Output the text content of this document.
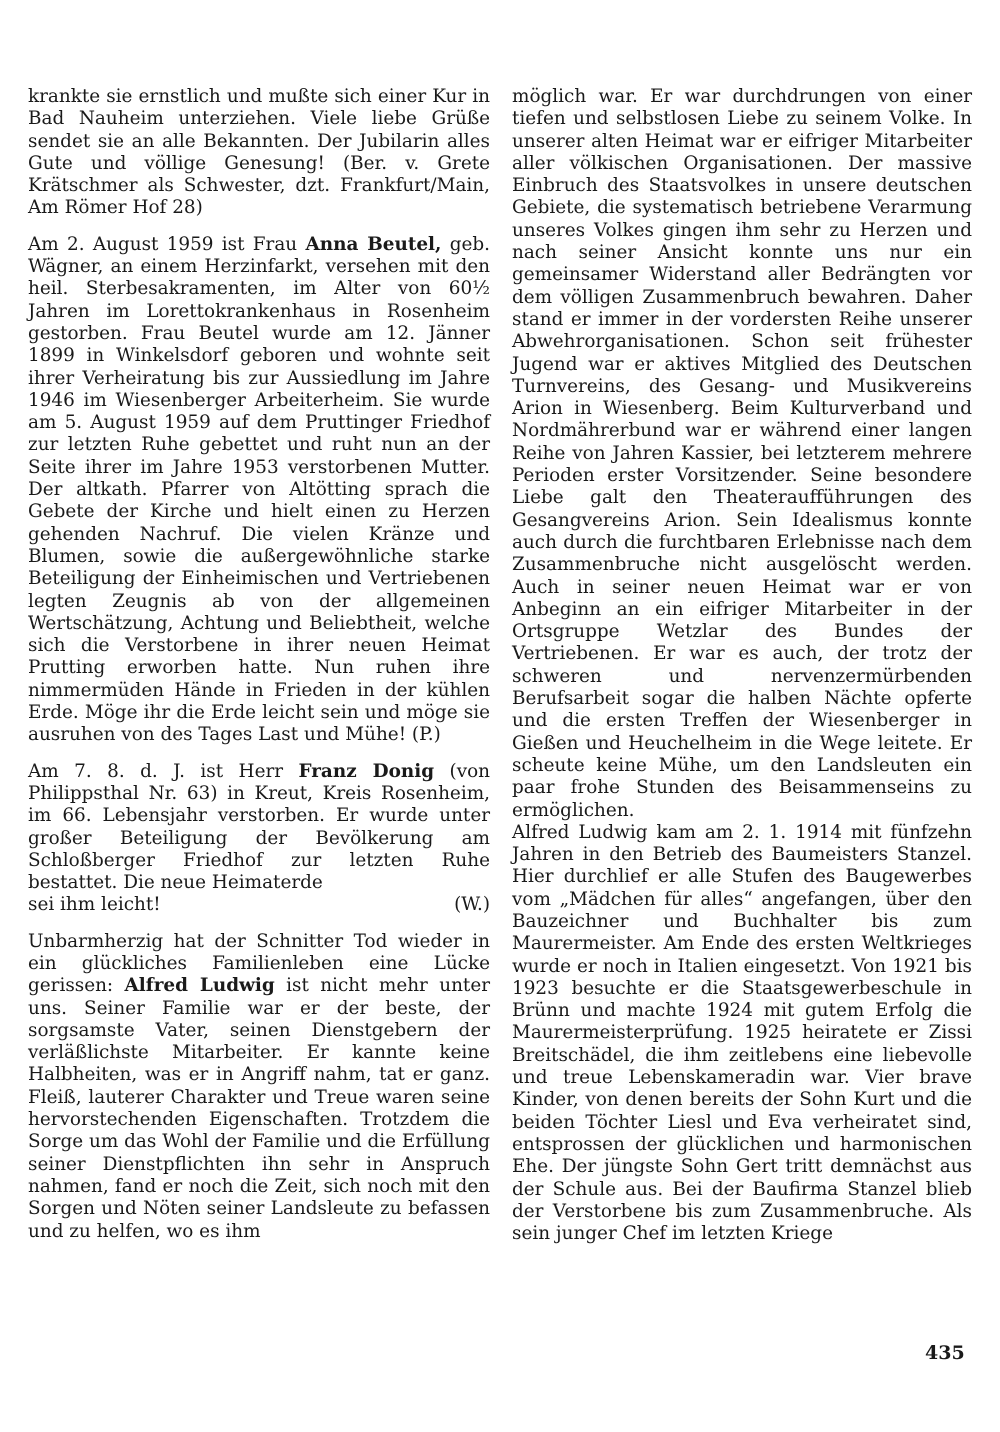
krankte sie ernstlich und mußte sich einer Kur in Bad Nauheim unterziehen. Viele liebe Grüße sendet sie an alle Bekannten. Der Jubilarin alles Gute und völlige Genesung! (Ber. v. Grete Krätschmer als Schwester, dzt. Frankfurt/Main, Am Römer Hof 28)

Am 2. August 1959 ist Frau Anna Beutel, geb. Wägner, an einem Herzinfarkt, versehen mit den heil. Sterbesakramenten, im Alter von 60½ Jahren im Lorettokrankenhaus in Rosenheim gestorben. Frau Beutel wurde am 12. Jänner 1899 in Winkelsdorf geboren und wohnte seit ihrer Verheiratung bis zur Aussiedlung im Jahre 1946 im Wiesenberger Arbeiterheim. Sie wurde am 5. August 1959 auf dem Pruttinger Friedhof zur letzten Ruhe gebettet und ruht nun an der Seite ihrer im Jahre 1953 verstorbenen Mutter. Der altkath. Pfarrer von Altötting sprach die Gebete der Kirche und hielt einen zu Herzen gehenden Nachruf. Die vielen Kränze und Blumen, sowie die außergewöhnliche starke Beteiligung der Einheimischen und Vertriebenen legten Zeugnis ab von der allgemeinen Wertschätzung, Achtung und Beliebtheit, welche sich die Verstorbene in ihrer neuen Heimat Prutting erworben hatte. Nun ruhen ihre nimmermüden Hände in Frieden in der kühlen Erde. Möge ihr die Erde leicht sein und möge sie ausruhen von des Tages Last und Mühe! (P.)

Am 7. 8. d. J. ist Herr Franz Donig (von Philippsthal Nr. 63) in Kreut, Kreis Rosenheim, im 66. Lebensjahr verstorben. Er wurde unter großer Beteiligung der Bevölkerung am Schloßberger Friedhof zur letzten Ruhe bestattet. Die neue Heimaterde

sei ihm leicht!	(W.)

Unbarmherzig hat der Schnitter Tod wieder in ein glückliches Familienleben eine Lücke gerissen: Alfred Ludwig ist nicht mehr unter uns. Seiner Familie war er der beste, der sorgsamste Vater, seinen Dienstgebern der verläßlichste Mitarbeiter. Er kannte keine Halbheiten, was er in Angriff nahm, tat er ganz. Fleiß, lauterer Charakter und Treue waren seine hervorstechenden Eigenschaften. Trotzdem die Sorge um das Wohl der Familie und die Erfüllung seiner Dienstpflichten ihn sehr in Anspruch nahmen, fand er noch die Zeit, sich noch mit den Sorgen und Nöten seiner Landsleute zu befassen und zu helfen, wo es ihm

möglich war. Er war durchdrungen von einer tiefen und selbstlosen Liebe zu seinem Volke. In unserer alten Heimat war er eifriger Mitarbeiter aller völkischen Organisationen. Der massive Einbruch des Staatsvolkes in unsere deutschen Gebiete, die systematisch betriebene Verarmung unseres Volkes gingen ihm sehr zu Herzen und nach seiner Ansicht konnte uns nur ein gemeinsamer Widerstand aller Bedrängten vor dem völligen Zusammenbruch bewahren. Daher stand er immer in der vordersten Reihe unserer Abwehrorganisationen. Schon seit frühester Jugend war er aktives Mitglied des Deutschen Turnvereins, des Gesang- und Musikvereins Arion in Wiesenberg. Beim Kulturverband und Nordmährerbund war er während einer langen Reihe von Jahren Kassier, bei letzterem mehrere Perioden erster Vorsitzender. Seine besondere Liebe galt den Theateraufführungen des Gesangvereins Arion. Sein Idealismus konnte auch durch die furchtbaren Erlebnisse nach dem Zusammenbruche nicht ausgelöscht werden. Auch in seiner neuen Heimat war er von Anbeginn an ein eifriger Mitarbeiter in der Ortsgruppe Wetzlar des Bundes der Vertriebenen. Er war es auch, der trotz der schweren und nervenzermürbenden Berufsarbeit sogar die halben Nächte opferte und die ersten Treffen der Wiesenberger in Gießen und Heuchelheim in die Wege leitete. Er scheute keine Mühe, um den Landsleuten ein paar frohe Stunden des Beisammenseins zu ermöglichen.

Alfred Ludwig kam am 2. 1. 1914 mit fünfzehn Jahren in den Betrieb des Baumeisters Stanzel. Hier durchlief er alle Stufen des Baugewerbes vom „Mädchen für alles“ angefangen, über den Bauzeichner und Buchhalter bis zum Maurermeister. Am Ende des ersten Weltkrieges wurde er noch in Italien eingesetzt. Von 1921 bis 1923 besuchte er die Staatsgewerbeschule in Brünn und machte 1924 mit gutem Erfolg die Maurermeisterprüfung. 1925 heiratete er Zissi Breitschädel, die ihm zeitlebens eine liebevolle und treue Lebenskameradin war. Vier brave Kinder, von denen bereits der Sohn Kurt und die beiden Töchter Liesl und Eva verheiratet sind, entsprossen der glücklichen und harmonischen Ehe. Der jüngste Sohn Gert tritt demnächst aus der Schule aus. Bei der Baufirma Stanzel blieb der Verstorbene bis zum Zusammenbruche. Als sein junger Chef im letzten Kriege

435
